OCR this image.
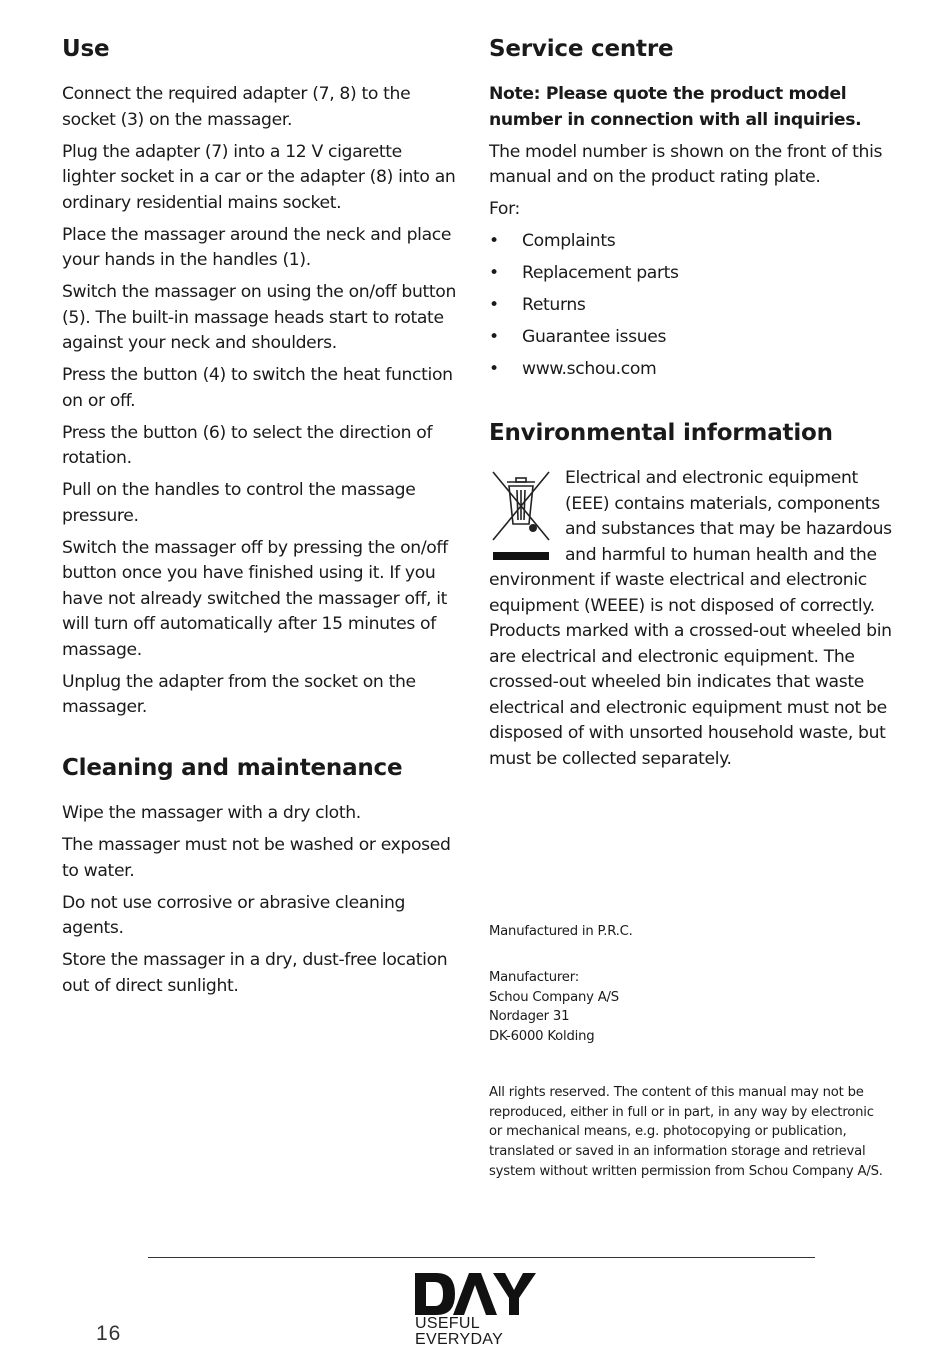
Use

Connect the required adapter (7, 8) to the socket (3) on the massager.

Plug the adapter (7) into a 12 V cigarette lighter socket in a car or the adapter (8) into an ordinary residential mains socket.

Place the massager around the neck and place your hands in the handles (1).

Switch the massager on using the on/off button (5). The built-in massage heads start to rotate against your neck and shoulders.

Press the button (4) to switch the heat function on or off.

Press the button (6) to select the direction of rotation.

Pull on the handles to control the massage pressure.

Switch the massager off by pressing the on/off button once you have finished using it. If you have not already switched the massager off, it will turn off automatically after 15 minutes of massage.

Unplug the adapter from the socket on the massager.

Cleaning and maintenance

Wipe the massager with a dry cloth.

The massager must not be washed or exposed to water.

Do not use corrosive or abrasive cleaning agents.

Store the massager in a dry, dust-free location out of direct sunlight.

Service centre

Note: Please quote the product model number in connection with all inquiries.

The model number is shown on the front of this manual and on the product rating plate.

For:

• Complaints
• Replacement parts
• Returns
• Guarantee issues
• www.schou.com
Environmental information

Electrical and electronic equipment (EEE) contains materials, components and substances that may be hazardous and harmful to human health and the environment if waste electrical and electronic equipment (WEEE) is not disposed of correctly. Products marked with a crossed-out wheeled bin are electrical and electronic equipment. The crossed-out wheeled bin indicates that waste electrical and electronic equipment must not be disposed of with unsorted household waste, but must be collected separately.

Manufactured in P.R.C.

Manufacturer:

Schou Company A/S

Nordager 31

DK-6000 Kolding

All rights reserved. The content of this manual may not be reproduced, either in full or in part, in any way by electronic or mechanical means, e.g. photocopying or publication, translated or saved in an information storage and retrieval system without written permission from Schou Company A/S.

16	USEFUL
EVERYDAY
